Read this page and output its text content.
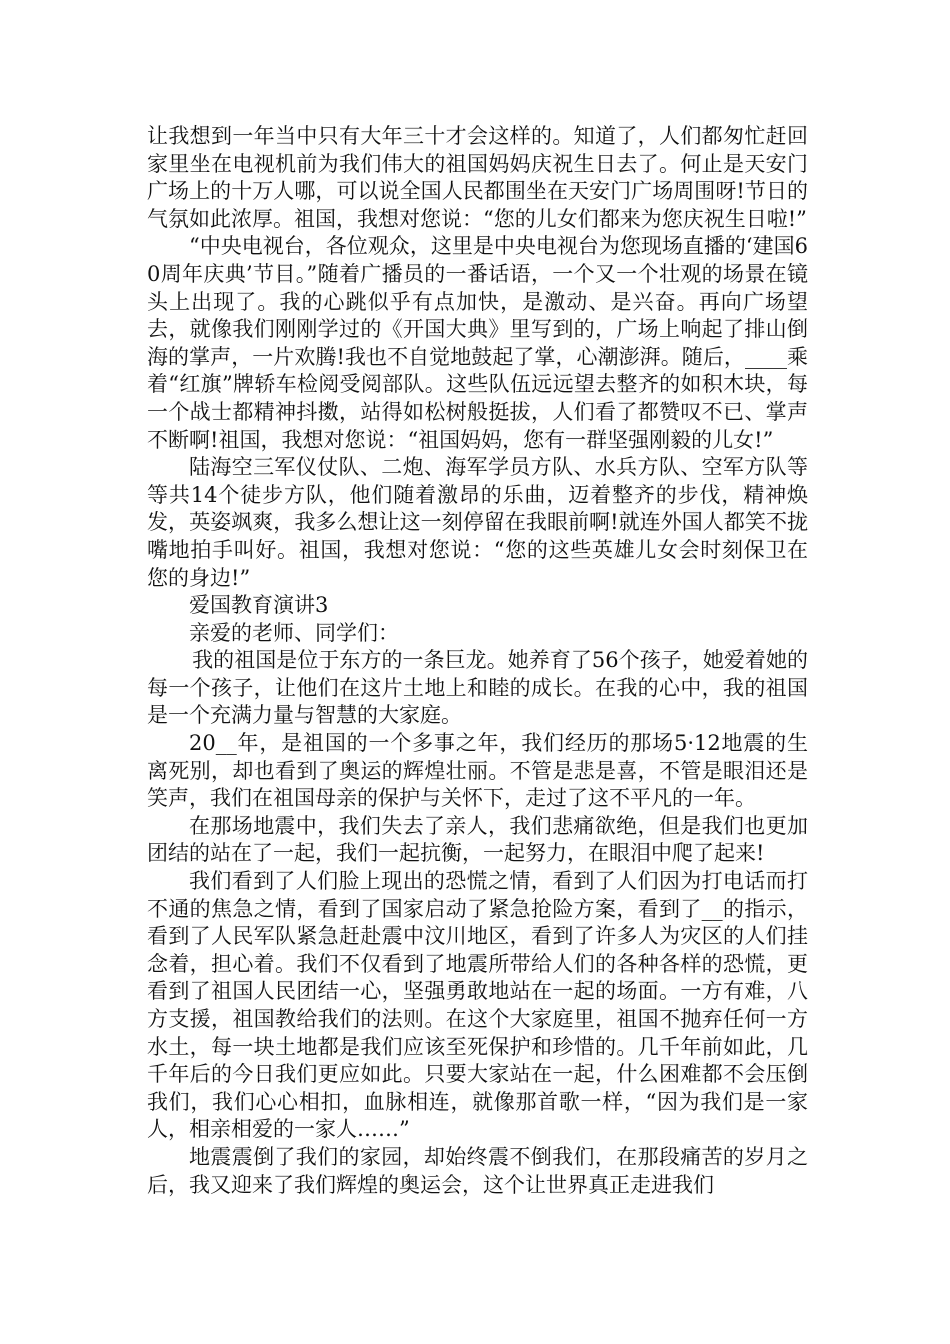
让我想到一年当中只有大年三十才会这样的。知道了，人们都匆忙赶回家里坐在电视机前为我们伟大的祖国妈妈庆祝生日去了。何止是天安门广场上的十万人哪，可以说全国人民都围坐在天安门广场周围呀!节日的气氛如此浓厚。祖国，我想对您说：“您的儿女们都来为您庆祝生日啦!”

“中央电视台，各位观众，这里是中央电视台为您现场直播的‘建国60周年庆典’节目。”随着广播员的一番话语，一个又一个壮观的场景在镜头上出现了。我的心跳似乎有点加快，是激动、是兴奋。再向广场望去，就像我们刚刚学过的《开国大典》里写到的，广场上响起了排山倒海的掌声，一片欢腾!我也不自觉地鼓起了掌，心潮澎湃。随后，____乘着“红旗”牌轿车检阅受阅部队。这些队伍远远望去整齐的如积木块，每一个战士都精神抖擞，站得如松树般挺拔，人们看了都赞叹不已、掌声不断啊!祖国，我想对您说：“祖国妈妈，您有一群坚强刚毅的儿女!”

陆海空三军仪仗队、二炮、海军学员方队、水兵方队、空军方队等等共14个徒步方队，他们随着激昂的乐曲，迈着整齐的步伐，精神焕发，英姿飒爽，我多么想让这一刻停留在我眼前啊!就连外国人都笑不拢嘴地拍手叫好。祖国，我想对您说：“您的这些英雄儿女会时刻保卫在您的身边!”

爱国教育演讲3

亲爱的老师、同学们：

我的祖国是位于东方的一条巨龙。她养育了56个孩子，她爱着她的每一个孩子，让他们在这片土地上和睦的成长。在我的心中，我的祖国是一个充满力量与智慧的大家庭。

20__年，是祖国的一个多事之年，我们经历的那场5·12地震的生离死别，却也看到了奥运的辉煌壮丽。不管是悲是喜，不管是眼泪还是笑声，我们在祖国母亲的保护与关怀下，走过了这不平凡的一年。

在那场地震中，我们失去了亲人，我们悲痛欲绝，但是我们也更加团结的站在了一起，我们一起抗衡，一起努力，在眼泪中爬了起来!

我们看到了人们脸上现出的恐慌之情，看到了人们因为打电话而打不通的焦急之情，看到了国家启动了紧急抢险方案，看到了__的指示，看到了人民军队紧急赶赴震中汶川地区，看到了许多人为灾区的人们挂念着，担心着。我们不仅看到了地震所带给人们的各种各样的恐慌，更看到了祖国人民团结一心，坚强勇敢地站在一起的场面。一方有难，八方支援，祖国教给我们的法则。在这个大家庭里，祖国不抛弃任何一方水土，每一块土地都是我们应该至死保护和珍惜的。几千年前如此，几千年后的今日我们更应如此。只要大家站在一起，什么困难都不会压倒我们，我们心心相扣，血脉相连，就像那首歌一样，“因为我们是一家人，相亲相爱的一家人……”

地震震倒了我们的家园，却始终震不倒我们，在那段痛苦的岁月之后，我又迎来了我们辉煌的奥运会，这个让世界真正走进我们
